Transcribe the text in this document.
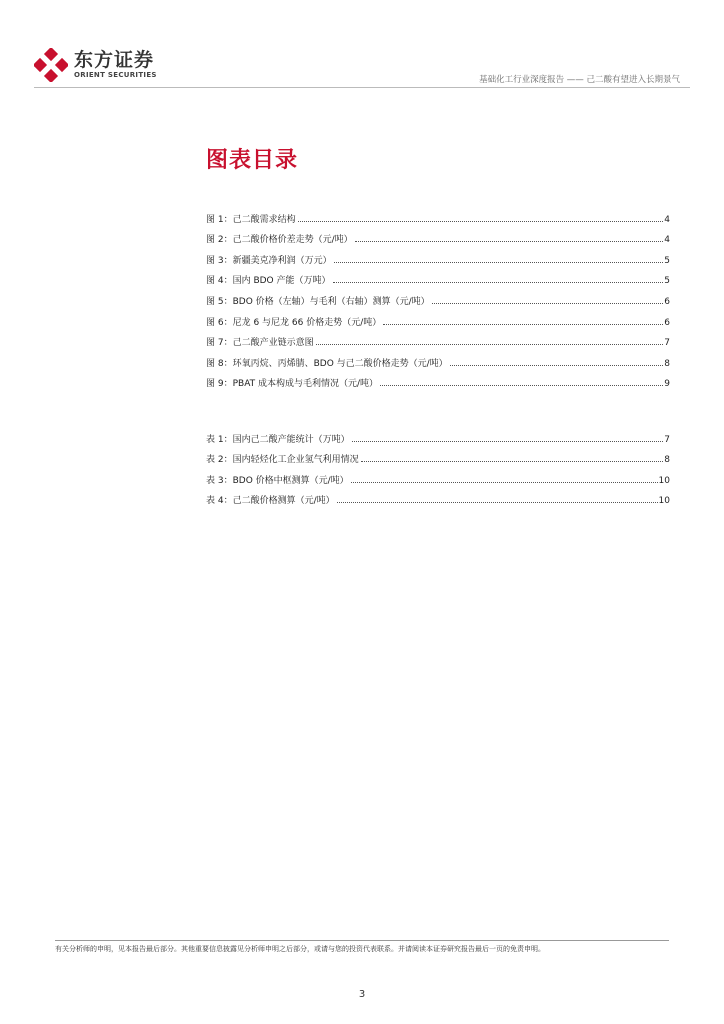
东方证券
ORIENT SECURITIES	基础化工行业深度报告 —— 己二酸有望进入长期景气
图表目录
图 1：己二酸需求结构	4
图 2：己二酸价格价差走势（元/吨）	4
图 3：新疆美克净利润（万元）	5
图 4：国内 BDO 产能（万吨）	5
图 5：BDO 价格（左轴）与毛利（右轴）测算（元/吨）	6
图 6：尼龙 6 与尼龙 66 价格走势（元/吨）	6
图 7：己二酸产业链示意图	7
图 8：环氧丙烷、丙烯腈、BDO 与己二酸价格走势（元/吨）	8
图 9：PBAT 成本构成与毛利情况（元/吨）	9
表 1：国内己二酸产能统计（万吨）	7
表 2：国内轻烃化工企业氢气利用情况	8
表 3：BDO 价格中枢测算（元/吨）	10
表 4：己二酸价格测算（元/吨）	10
有关分析师的申明，见本报告最后部分。其他重要信息披露见分析师申明之后部分，或请与您的投资代表联系。并请阅读本证券研究报告最后一页的免责申明。
3
